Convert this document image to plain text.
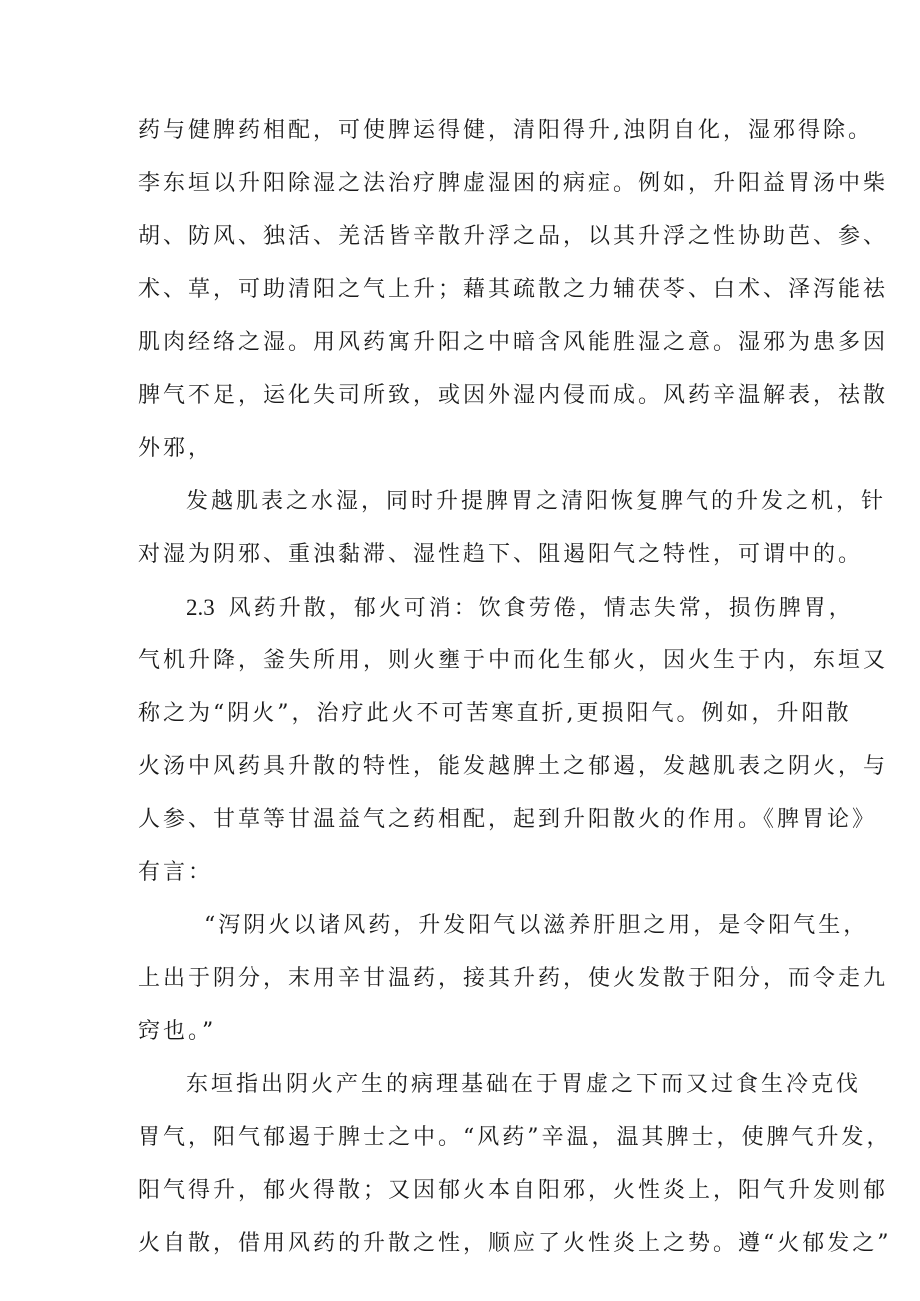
药与健脾药相配，可使脾运得健，清阳得升,浊阴自化，湿邪得除。
李东垣以升阳除湿之法治疗脾虚湿困的病症。例如，升阳益胃汤中柴
胡、防风、独活、羌活皆辛散升浮之品，以其升浮之性协助芭、参、
术、草，可助清阳之气上升；藉其疏散之力辅茯苓、白术、泽泻能祛
肌肉经络之湿。用风药寓升阳之中暗含风能胜湿之意。湿邪为患多因
脾气不足，运化失司所致，或因外湿内侵而成。风药辛温解表，祛散
外邪，
发越肌表之水湿，同时升提脾胃之清阳恢复脾气的升发之机，针
对湿为阴邪、重浊黏滞、湿性趋下、阻遏阳气之特性，可谓中的。
2.3 风药升散，郁火可消：饮食劳倦，情志失常，损伤脾胃，
气机升降，釜失所用，则火壅于中而化生郁火，因火生于内，东垣又
称之为“阴火”，治疗此火不可苦寒直折,更损阳气。例如，升阳散
火汤中风药具升散的特性，能发越脾土之郁遏，发越肌表之阴火，与
人参、甘草等甘温益气之药相配，起到升阳散火的作用。《脾胃论》
有言：
“泻阴火以诸风药，升发阳气以滋养肝胆之用，是令阳气生，
上出于阴分，末用辛甘温药，接其升药，使火发散于阳分，而令走九
窍也。”
东垣指出阴火产生的病理基础在于胃虚之下而又过食生冷克伐
胃气，阳气郁遏于脾士之中。“风药”辛温，温其脾士，使脾气升发，
阳气得升，郁火得散；又因郁火本自阳邪，火性炎上，阳气升发则郁
火自散，借用风药的升散之性，顺应了火性炎上之势。遵“火郁发之”
